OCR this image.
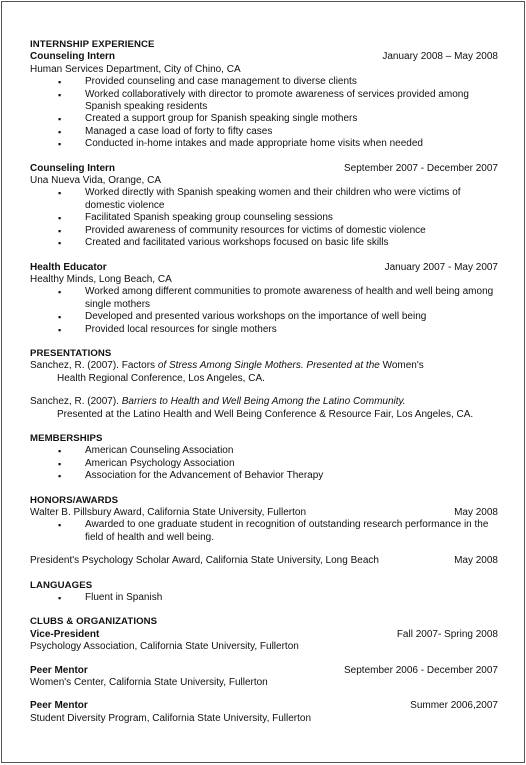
INTERNSHIP EXPERIENCE
Counseling Intern	January 2008 – May 2008
Human Services Department, City of Chino, CA
▪ Provided counseling and case management to diverse clients
▪ Worked collaboratively with director to promote awareness of services provided among Spanish speaking residents
▪ Created a support group for Spanish speaking single mothers
▪ Managed a case load of forty to fifty cases
▪ Conducted in-home intakes and made appropriate home visits when needed
Counseling Intern	September 2007 - December 2007
Una Nueva Vida, Orange, CA
▪ Worked directly with Spanish speaking women and their children who were victims of domestic violence
▪ Facilitated Spanish speaking group counseling sessions
▪ Provided awareness of community resources for victims of domestic violence
▪ Created and facilitated various workshops focused on basic life skills
Health Educator	January 2007 - May 2007
Healthy Minds, Long Beach, CA
▪ Worked among different communities to promote awareness of health and well being among single mothers
▪ Developed and presented various workshops on the importance of well being
▪ Provided local resources for single mothers
PRESENTATIONS
Sanchez, R. (2007). Factors of Stress Among Single Mothers. Presented at the Women's
Health Regional Conference, Los Angeles, CA.
Sanchez, R. (2007). Barriers to Health and Well Being Among the Latino Community.
Presented at the Latino Health and Well Being Conference & Resource Fair, Los Angeles, CA.
MEMBERSHIPS
▪ American Counseling Association
▪ American Psychology Association
▪ Association for the Advancement of Behavior Therapy
HONORS/AWARDS
Walter B. Pillsbury Award, California State University, Fullerton	May 2008
▪ Awarded to one graduate student in recognition of outstanding research performance in the field of health and well being.
President's Psychology Scholar Award, California State University, Long Beach	May 2008
LANGUAGES
▪ Fluent in Spanish
CLUBS & ORGANIZATIONS
Vice-President	Fall 2007- Spring 2008
Psychology Association, California State University, Fullerton
Peer Mentor	September 2006 - December 2007
Women's Center, California State University, Fullerton
Peer Mentor	Summer 2006,2007
Student Diversity Program, California State University, Fullerton
